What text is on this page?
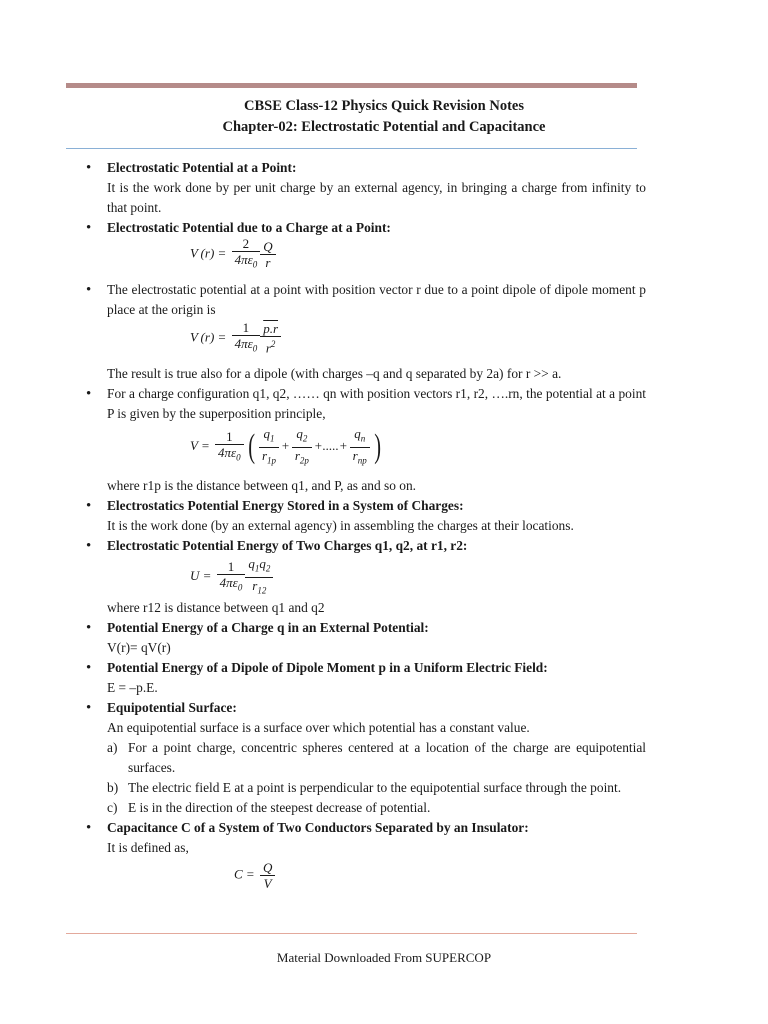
CBSE Class-12 Physics Quick Revision Notes
Chapter-02: Electrostatic Potential and Capacitance
• Electrostatic Potential at a Point:
It is the work done by per unit charge by an external agency, in bringing a charge from infinity to that point.
• Electrostatic Potential due to a Charge at a Point:
V $(r) = \frac{2}{4\pi\varepsilon_0} \frac{Q}{r}$
• The electrostatic potential at a point with position vector r due to a point dipole of dipole moment p place at the origin is
V $(r) = \frac{1}{4\pi\varepsilon_0} \frac{p.r}{r^2}$
The result is true also for a dipole (with charges –q and q separated by 2a) for r >> a.
• For a charge configuration q1, q2, …… qn with position vectors r1, r2, ….rn, the potential at a point P is given by the superposition principle,
$V = \frac{1}{4\pi\varepsilon_0}$ ( $\frac{q_1}{r_{1p}} + \frac{q_2}{r_{2p}}$ +.....+ $\frac{q_n}{r_{np}}$ )
where r1p is the distance between q1, and P, as and so on.
• Electrostatics Potential Energy Stored in a System of Charges:
It is the work done (by an external agency) in assembling the charges at their locations.
• Electrostatic Potential Energy of Two Charges q1, q2, at r1, r2:
$U = \frac{1}{4\pi\varepsilon_0} \frac{q_1q_2}{r_{12}}$
where r12 is distance between q1 and q2
• Potential Energy of a Charge q in an External Potential:
V(r)= qV(r)
• Potential Energy of a Dipole of Dipole Moment p in a Uniform Electric Field:
E = –p.E.
• Equipotential Surface:
An equipotential surface is a surface over which potential has a constant value.
a) For a point charge, concentric spheres centered at a location of the charge are equipotential surfaces.
b) The electric field E at a point is perpendicular to the equipotential surface through the point.
c) E is in the direction of the steepest decrease of potential.
• Capacitance C of a System of Two Conductors Separated by an Insulator:
It is defined as,
$C = \frac{Q}{V}$
Material Downloaded From SUPERCOP
